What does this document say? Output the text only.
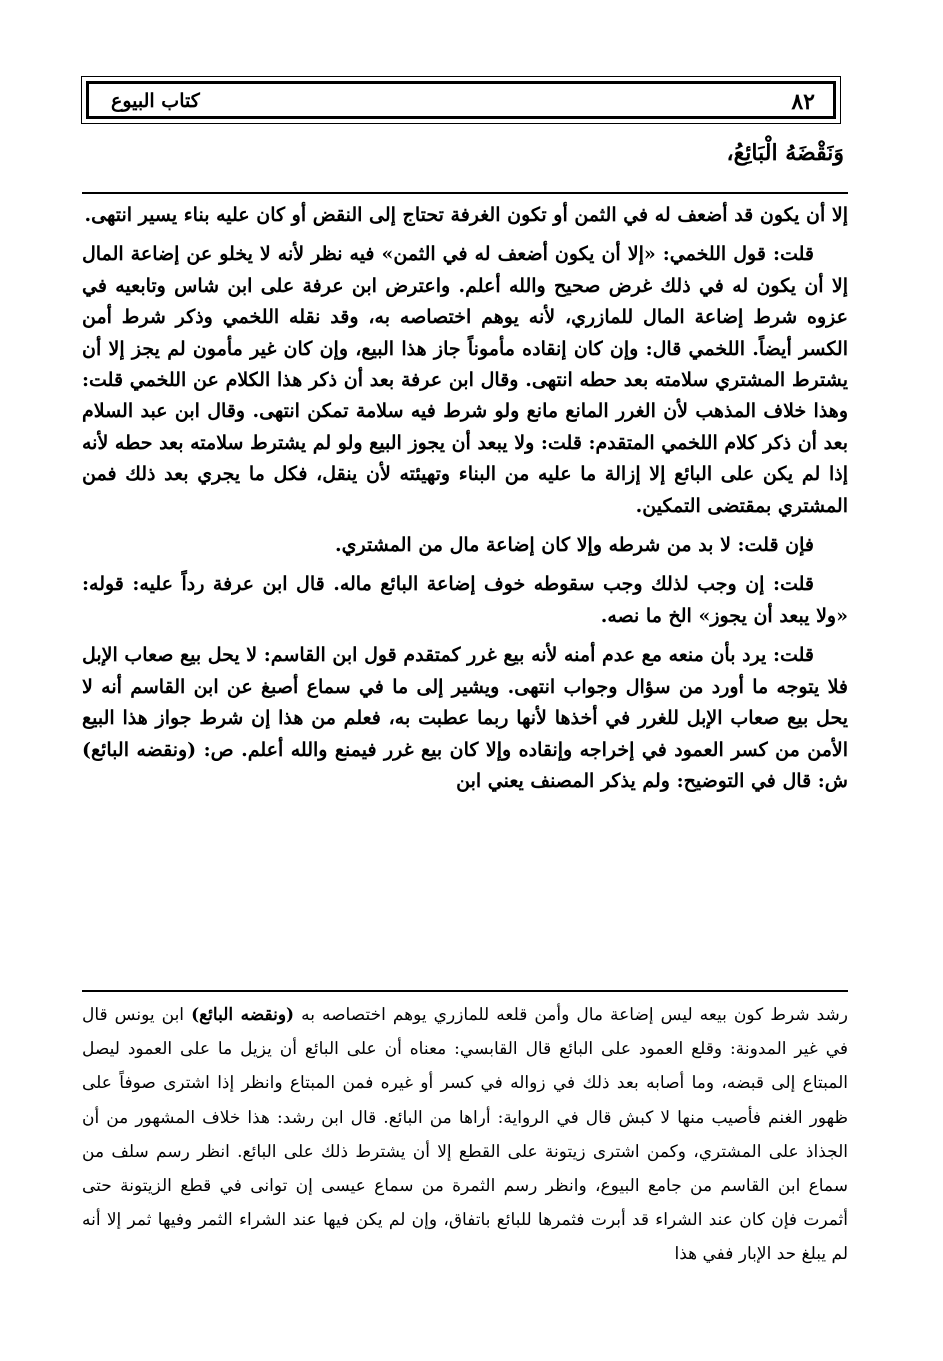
٨٢
كتاب البيوع
وَنَقْضَهُ الْبَائِعُ،

إلا أن يكون قد أضعف له في الثمن أو تكون الغرفة تحتاج إلى النقض أو كان عليه بناء يسير انتهى.

قلت: قول اللخمي: «إلا أن يكون أضعف له في الثمن» فيه نظر لأنه لا يخلو عن إضاعة المال إلا أن يكون له في ذلك غرض صحيح والله أعلم. واعترض ابن عرفة على ابن شاس وتابعيه في عزوه شرط إضاعة المال للمازري، لأنه يوهم اختصاصه به، وقد نقله اللخمي وذكر شرط أمن الكسر أيضاً. اللخمي قال: وإن كان إنقاده مأموناً جاز هذا البيع، وإن كان غير مأمون لم يجز إلا أن يشترط المشتري سلامته بعد حطه انتهى. وقال ابن عرفة بعد أن ذكر هذا الكلام عن اللخمي قلت: وهذا خلاف المذهب لأن الغرر المانع مانع ولو شرط فيه سلامة تمكن انتهى. وقال ابن عبد السلام بعد أن ذكر كلام اللخمي المتقدم: قلت: ولا يبعد أن يجوز البيع ولو لم يشترط سلامته بعد حطه لأنه إذا لم يكن على البائع إلا إزالة ما عليه من البناء وتهيئته لأن ينقل، فكل ما يجري بعد ذلك فمن المشتري بمقتضى التمكين.

فإن قلت: لا بد من شرطه وإلا كان إضاعة مال من المشتري.

قلت: إن وجب لذلك وجب سقوطه خوف إضاعة البائع ماله. قال ابن عرفة رداً عليه: قوله: «ولا يبعد أن يجوز» الخ ما نصه.

قلت: يرد بأن منعه مع عدم أمنه لأنه بيع غرر كمتقدم قول ابن القاسم: لا يحل بيع صعاب الإبل فلا يتوجه ما أورد من سؤال وجواب انتهى. ويشير إلى ما في سماع أصبغ عن ابن القاسم أنه لا يحل بيع صعاب الإبل للغرر في أخذها لأنها ربما عطبت به، فعلم من هذا إن شرط جواز هذا البيع الأمن من كسر العمود في إخراجه وإنقاده وإلا كان بيع غرر فيمنع والله أعلم. ص: (ونقضه البائع) ش: قال في التوضيح: ولم يذكر المصنف يعني ابن

رشد شرط كون بيعه ليس إضاعة مال وأمن قلعه للمازري يوهم اختصاصه به (ونقضه البائع) ابن يونس قال في غير المدونة: وقلع العمود على البائع قال القابسي: معناه أن على البائع أن يزيل ما على العمود ليصل المبتاع إلى قبضه، وما أصابه بعد ذلك في زواله في كسر أو غيره فمن المبتاع وانظر إذا اشترى صوفاً على ظهور الغنم فأصيب منها لا كبش قال في الرواية: أراها من البائع. قال ابن رشد: هذا خلاف المشهور من أن الجذاذ على المشتري، وكمن اشترى زيتونة على القطع إلا أن يشترط ذلك على البائع. انظر رسم سلف من سماع ابن القاسم من جامع البيوع، وانظر رسم الثمرة من سماع عيسى إن توانى في قطع الزيتونة حتى أثمرت فإن كان عند الشراء قد أبرت فثمرها للبائع باتفاق، وإن لم يكن فيها عند الشراء الثمر وفيها ثمر إلا أنه لم يبلغ حد الإبار ففي هذا
